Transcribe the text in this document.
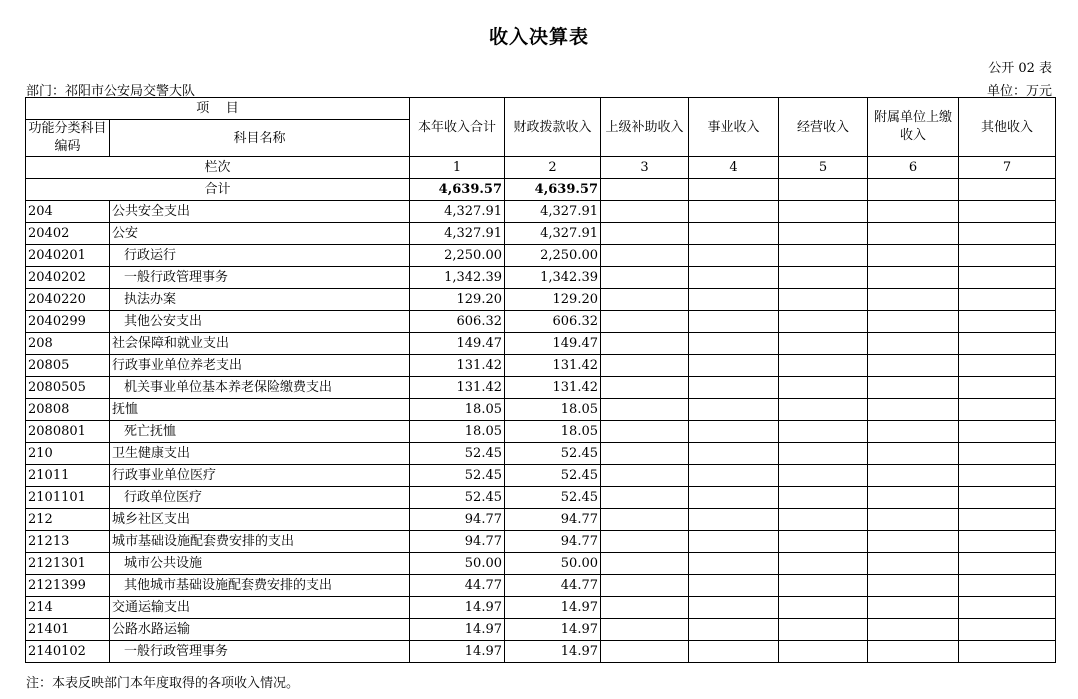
收入决算表
公开 02 表
部门：祁阳市公安局交警大队	单位：万元
项    目		本年收入合计	财政拨款收入	上级补助收入	事业收入	经营收入	附属单位上缴收入	其他收入
功能分类科目编码	科目名称							
栏次		1	2	3	4	5	6	7
合计		4,639.57	4,639.57					
204	公共安全支出	4,327.91	4,327.91					
20402	公安	4,327.91	4,327.91					
2040201	行政运行	2,250.00	2,250.00					
2040202	一般行政管理事务	1,342.39	1,342.39					
2040220	执法办案	129.20	129.20					
2040299	其他公安支出	606.32	606.32					
208	社会保障和就业支出	149.47	149.47					
20805	行政事业单位养老支出	131.42	131.42					
2080505	机关事业单位基本养老保险缴费支出	131.42	131.42					
20808	抚恤	18.05	18.05					
2080801	死亡抚恤	18.05	18.05					
210	卫生健康支出	52.45	52.45					
21011	行政事业单位医疗	52.45	52.45					
2101101	行政单位医疗	52.45	52.45					
212	城乡社区支出	94.77	94.77					
21213	城市基础设施配套费安排的支出	94.77	94.77					
2121301	城市公共设施	50.00	50.00					
2121399	其他城市基础设施配套费安排的支出	44.77	44.77					
214	交通运输支出	14.97	14.97					
21401	公路水路运输	14.97	14.97					
2140102	一般行政管理事务	14.97	14.97					
注：本表反映部门本年度取得的各项收入情况。
